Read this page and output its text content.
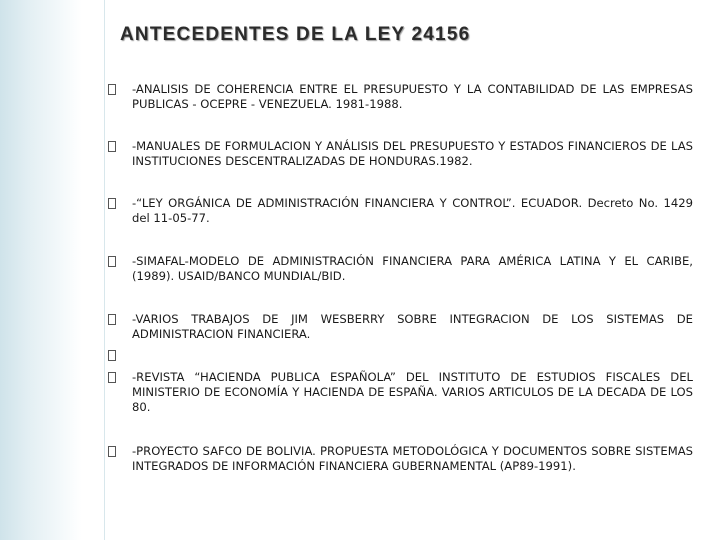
ANTECEDENTES DE LA LEY 24156
-ANALISIS DE COHERENCIA ENTRE EL PRESUPUESTO Y LA CONTABILIDAD DE LAS EMPRESAS PUBLICAS - OCEPRE - VENEZUELA. 1981-1988.
-MANUALES DE FORMULACION Y ANÁLISIS DEL PRESUPUESTO Y ESTADOS FINANCIEROS DE LAS INSTITUCIONES DESCENTRALIZADAS DE HONDURAS.1982.
-“LEY ORGÁNICA DE ADMINISTRACIÓN FINANCIERA Y CONTROL”. ECUADOR. Decreto No. 1429 del 11-05-77.
-SIMAFAL-MODELO DE ADMINISTRACIÓN FINANCIERA PARA AMÉRICA LATINA Y EL CARIBE, (1989). USAID/BANCO MUNDIAL/BID.
-VARIOS TRABAJOS DE JIM WESBERRY SOBRE INTEGRACION DE LOS SISTEMAS DE ADMINISTRACION FINANCIERA.
-REVISTA “HACIENDA PUBLICA ESPAÑOLA” DEL INSTITUTO DE ESTUDIOS FISCALES DEL MINISTERIO DE ECONOMÍA Y HACIENDA DE ESPAÑA. VARIOS ARTICULOS DE LA DECADA DE LOS 80.
-PROYECTO SAFCO DE BOLIVIA. PROPUESTA METODOLÓGICA Y DOCUMENTOS SOBRE SISTEMAS INTEGRADOS DE INFORMACIÓN FINANCIERA GUBERNAMENTAL (AP89-1991).
